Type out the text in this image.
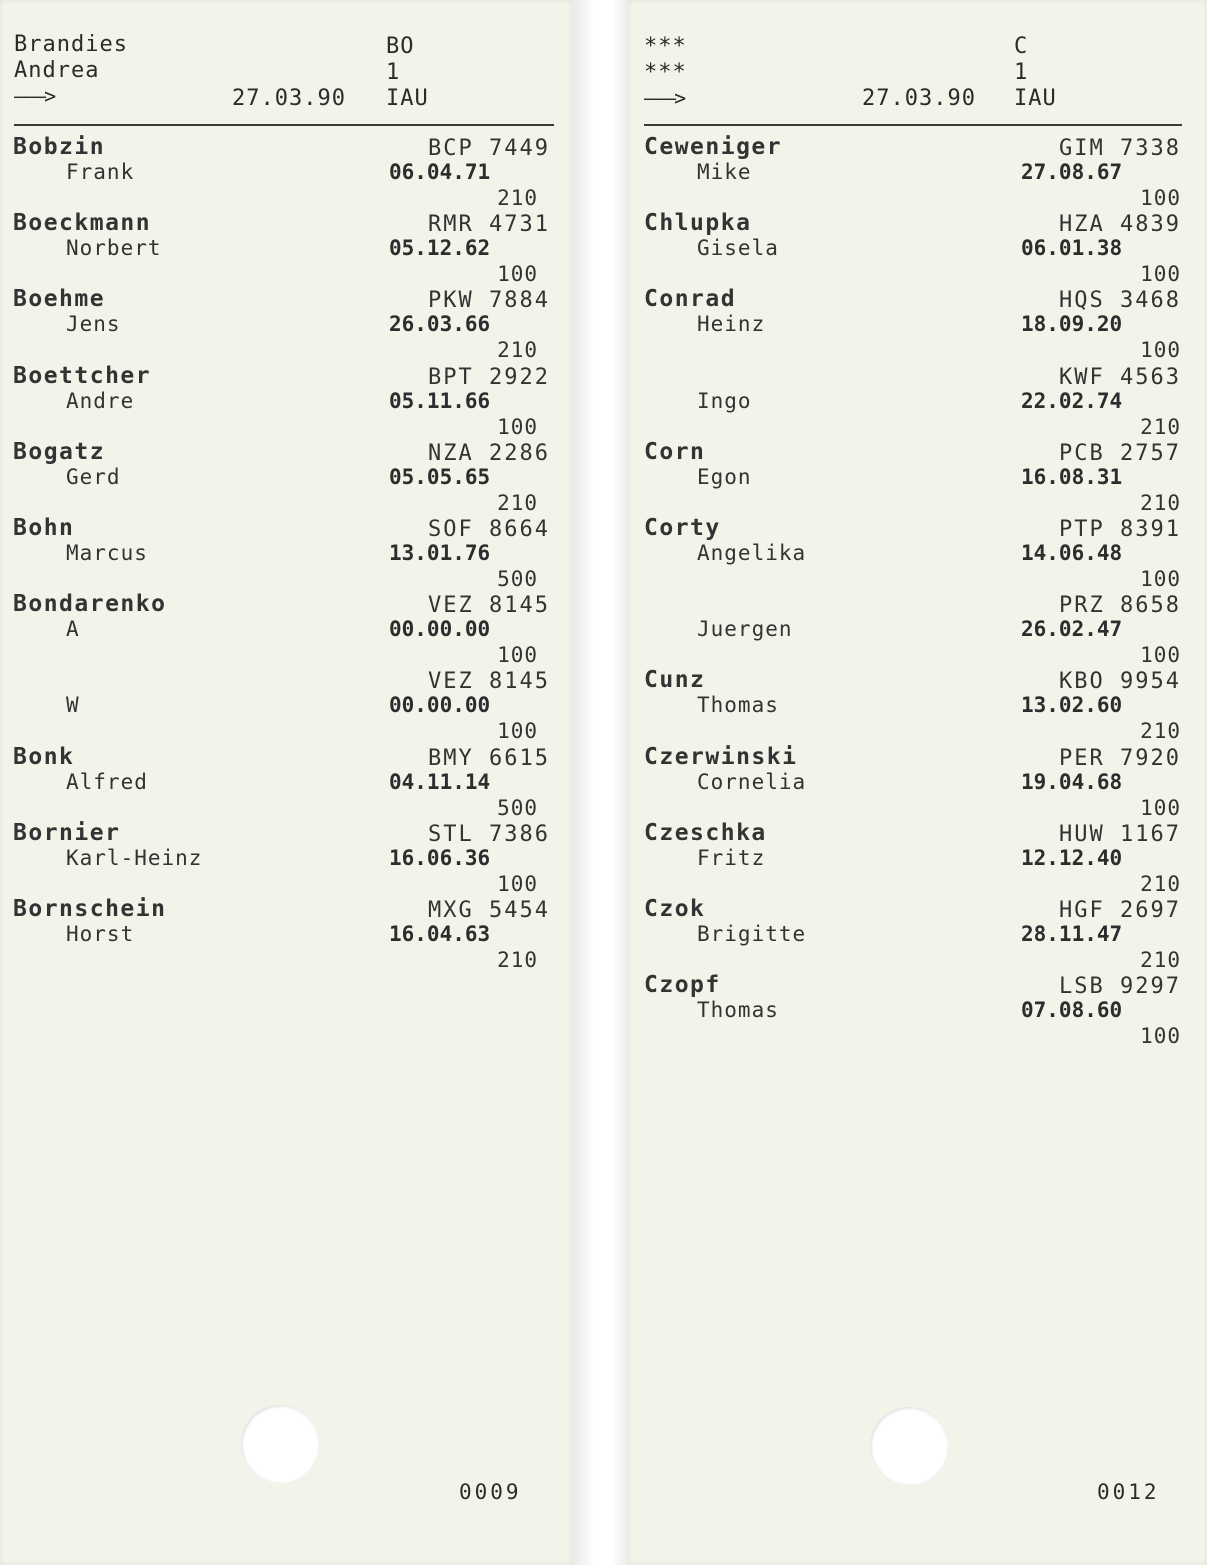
Brandies
Andrea
———>	27.03.90
BO
1
IAU
Bobzin
Frank
BCP 7449
06.04.71
210
Boeckmann
Norbert
RMR 4731
05.12.62
100
Boehme
Jens
PKW 7884
26.03.66
210
Boettcher
Andre
BPT 2922
05.11.66
100
Bogatz
Gerd
NZA 2286
05.05.65
210
Bohn
Marcus
SOF 8664
13.01.76
500
Bondarenko
A
VEZ 8145
00.00.00
100
W
VEZ 8145
00.00.00
100
Bonk
Alfred
BMY 6615
04.11.14
500
Bornier
Karl-Heinz
STL 7386
16.06.36
100
Bornschein
Horst
MXG 5454
16.04.63
210
0009
***
***
———>	27.03.90
C
1
IAU
Ceweniger
Mike
GIM 7338
27.08.67
100
Chlupka
Gisela
HZA 4839
06.01.38
100
Conrad
Heinz
HQS 3468
18.09.20
100
Ingo
KWF 4563
22.02.74
210
Corn
Egon
PCB 2757
16.08.31
210
Corty
Angelika
PTP 8391
14.06.48
100
Juergen
PRZ 8658
26.02.47
100
Cunz
Thomas
KBO 9954
13.02.60
210
Czerwinski
Cornelia
PER 7920
19.04.68
100
Czeschka
Fritz
HUW 1167
12.12.40
210
Czok
Brigitte
HGF 2697
28.11.47
210
Czopf
Thomas
LSB 9297
07.08.60
100
0012
